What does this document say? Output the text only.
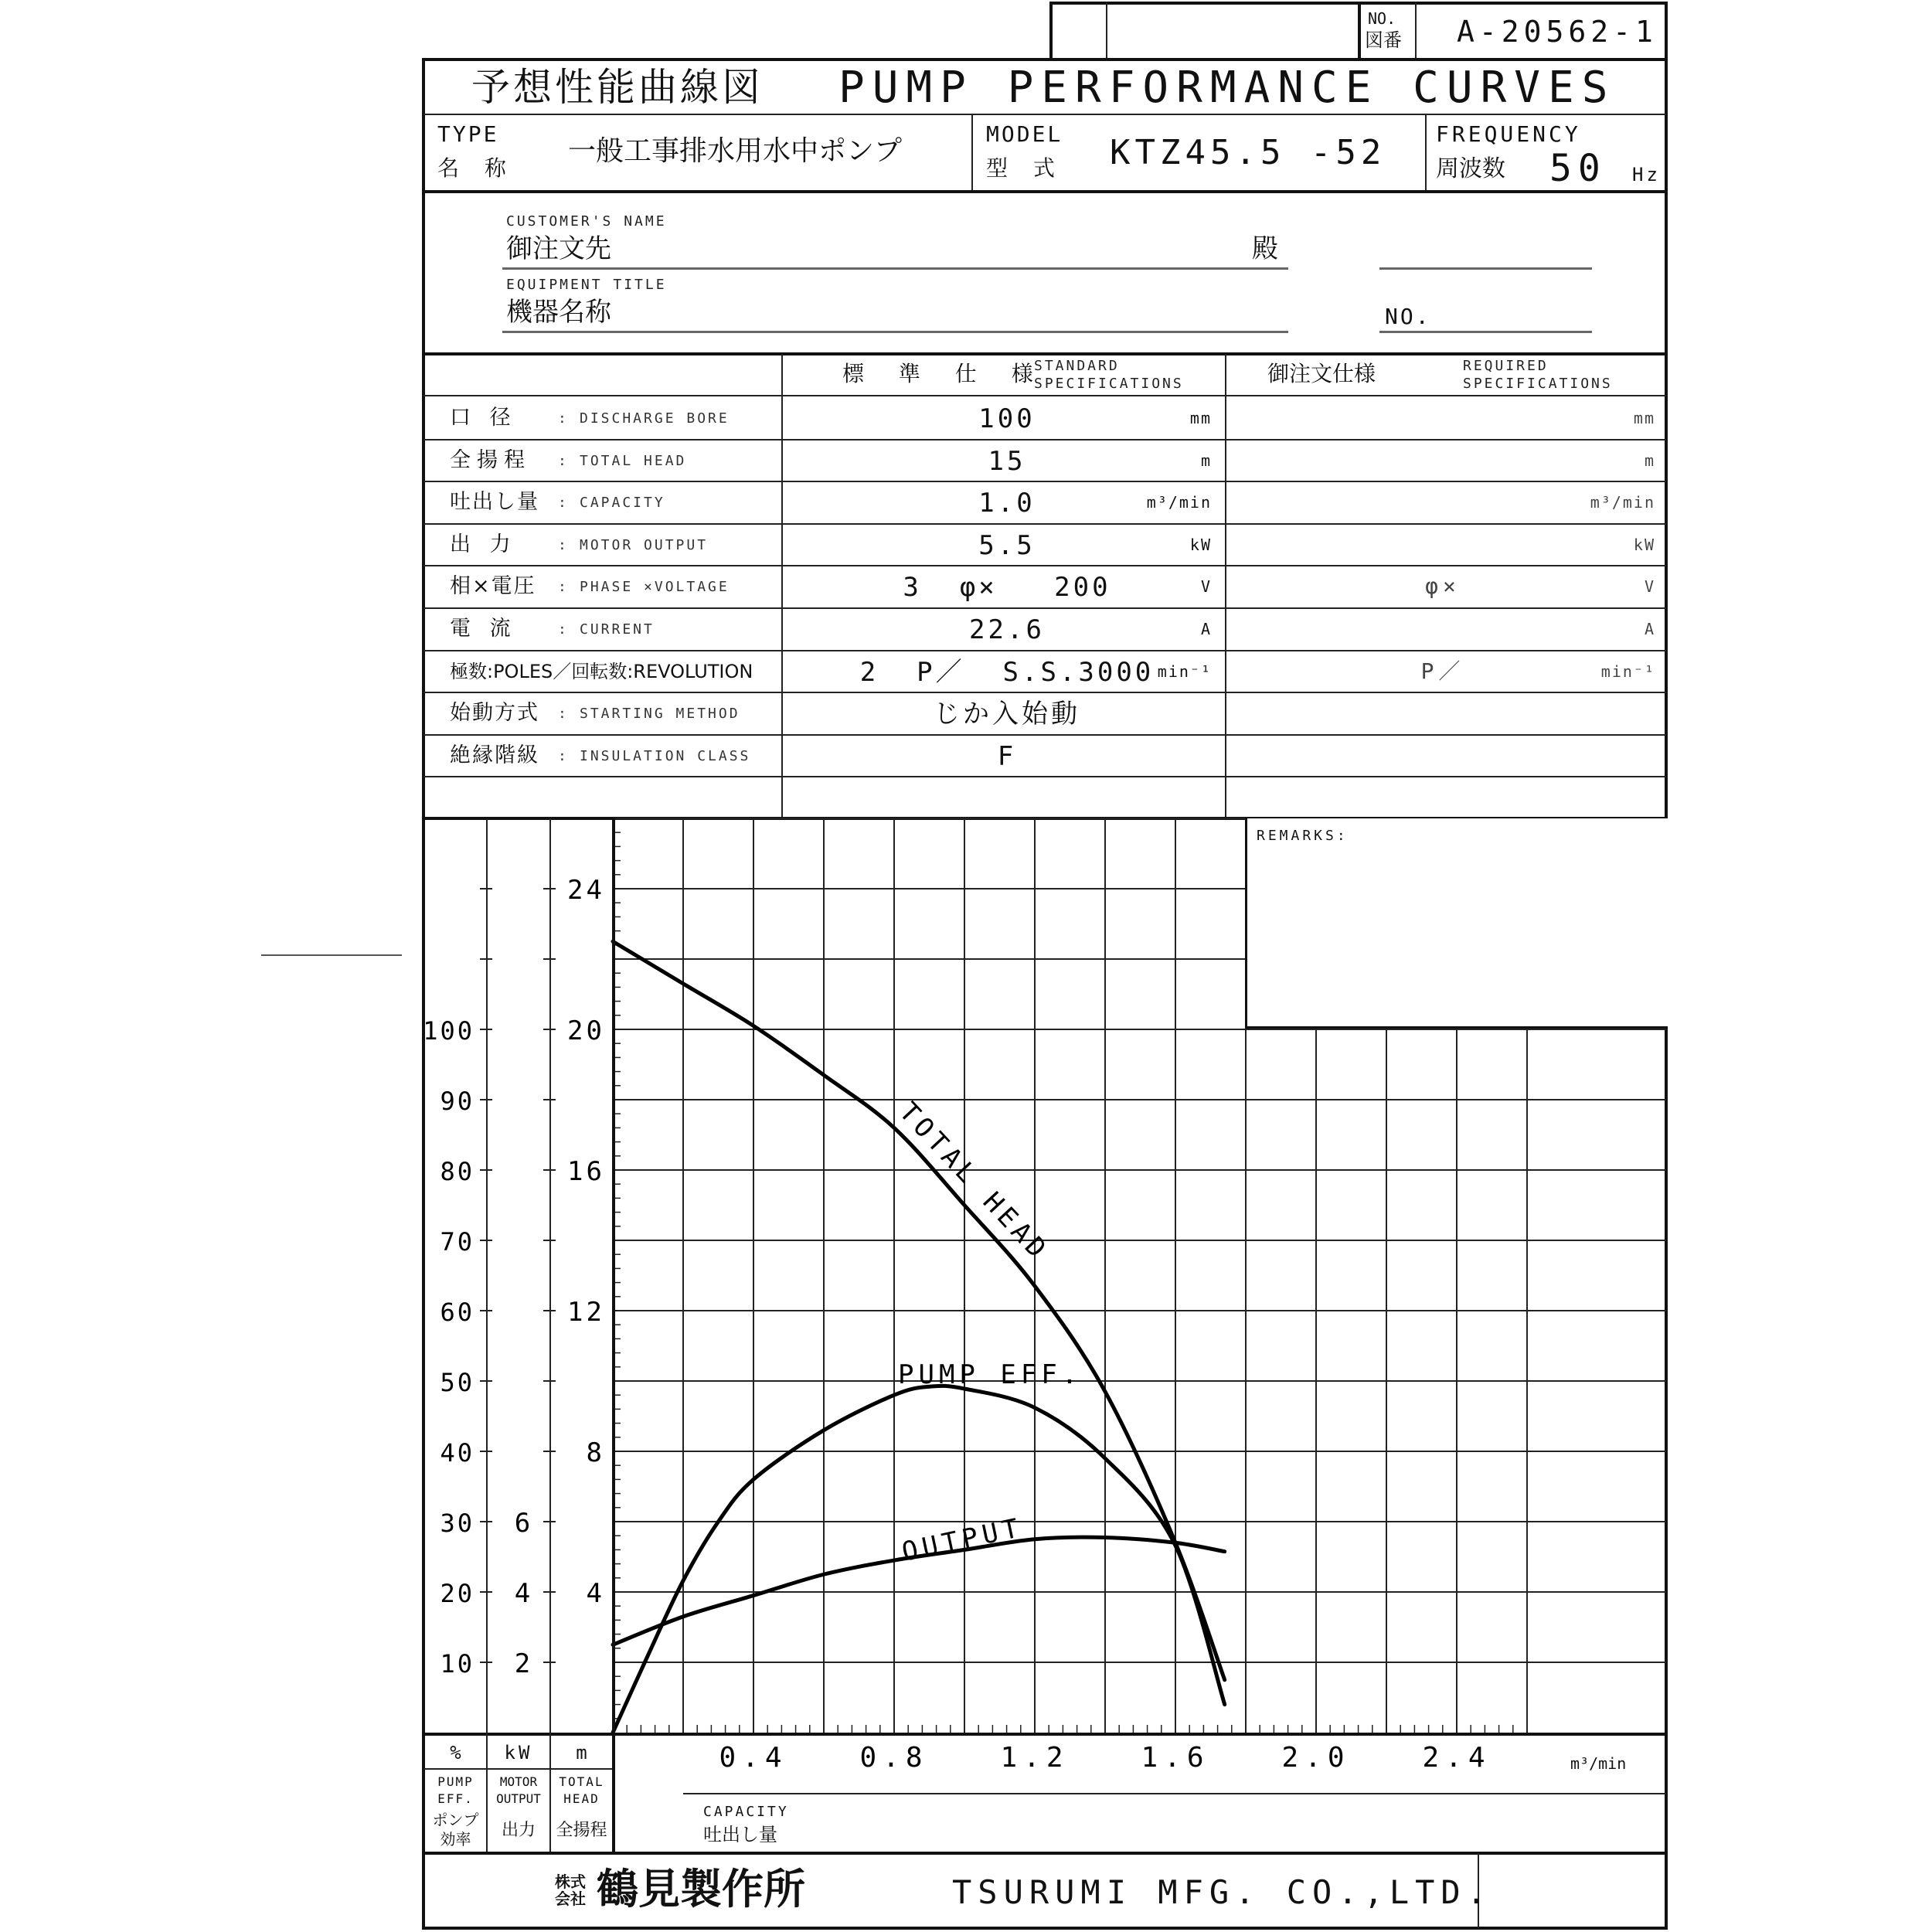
NO.
図番 A-20562-1
予想性能曲線図 PUMP PERFORMANCE CURVES
TYPE
名 称
一般工事排水用水中ポンプ
MODEL
型 式 KTZ45.5 -52 FREQUENCY
周波数 50 Hz
CUSTOMER'S NAME
御注文先	殿
EQUIPMENT TITLE
機器名称	NO.
標 準 仕 様
STANDARD
SPECIFICATIONS	御注文仕様	REQUIRED
SPECIFICATIONS
口 径	: DISCHARGE BORE	100	mm	mm
全揚程 : TOTAL HEAD	15	m	m
吐出し量 : CAPACITY	1.0	m³/min	m³/min
出 力	: MOTOR OUTPUT	5.5	kW	kW
相×電圧 : PHASE ×VOLTAGE	3  φ×   200	V	φ×	V
電 流	: CURRENT	22.6	A	A
極数:POLES／回転数:REVOLUTION	2  P／  S.S.3000 min⁻¹	P／	min⁻¹
始動方式 : STARTING METHOD	じか入始動
絶縁階級 : INSULATION CLASS	F
REMARKS:
0.4	0.8	1.2	1.6	2.0	2.4
4
8
12
16
20
24
2
4
6
10
20
30
40
50
60
70
80
90
100
TOTAL HEAD
PUMP EFF.
OUTPUT
%	kW	m
PUMP
EFF.
ポンプ
効率
MOTOR
OUTPUT
出力
TOTAL
HEAD
全揚程
m³/min
CAPACITY
吐出し量
株式会社 鶴見製作所	TSURUMI MFG. CO.,LTD.
